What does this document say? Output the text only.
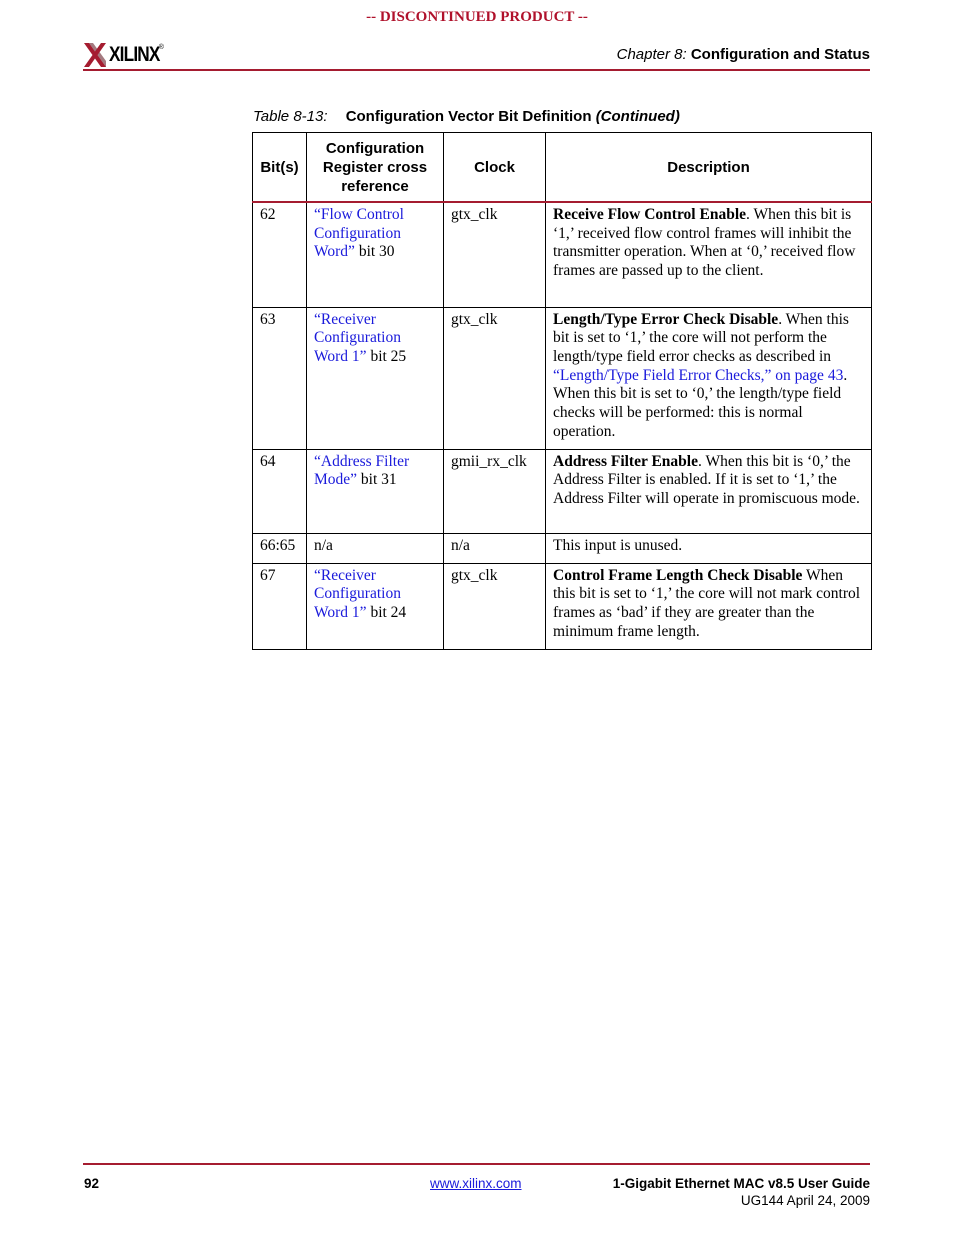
-- DISCONTINUED PRODUCT --
XILINX ®	Chapter 8: Configuration and Status
Table 8-13: Configuration Vector Bit Definition (Continued)
Bit(s)	Configuration Register cross reference	Clock	Description
62	“Flow Control Configuration Word” bit 30	gtx_clk	Receive Flow Control Enable. When this bit is ‘1,’ received flow control frames will inhibit the transmitter operation. When at ‘0,’ received flow frames are passed up to the client.
63	“Receiver Configuration Word 1” bit 25	gtx_clk	Length/Type Error Check Disable. When this bit is set to ‘1,’ the core will not perform the length/type field error checks as described in “Length/Type Field Error Checks,” on page 43. When this bit is set to ‘0,’ the length/type field checks will be performed: this is normal operation.
64	“Address Filter Mode” bit 31	gmii_rx_clk	Address Filter Enable. When this bit is ‘0,’ the Address Filter is enabled. If it is set to ‘1,’ the Address Filter will operate in promiscuous mode.
66:65	n/a	n/a	This input is unused.
67	“Receiver Configuration Word 1” bit 24	gtx_clk	Control Frame Length Check Disable When this bit is set to ‘1,’ the core will not mark control frames as ‘bad’ if they are greater than the minimum frame length.
92	www.xilinx.com	1-Gigabit Ethernet MAC v8.5 User Guide
UG144 April 24, 2009
